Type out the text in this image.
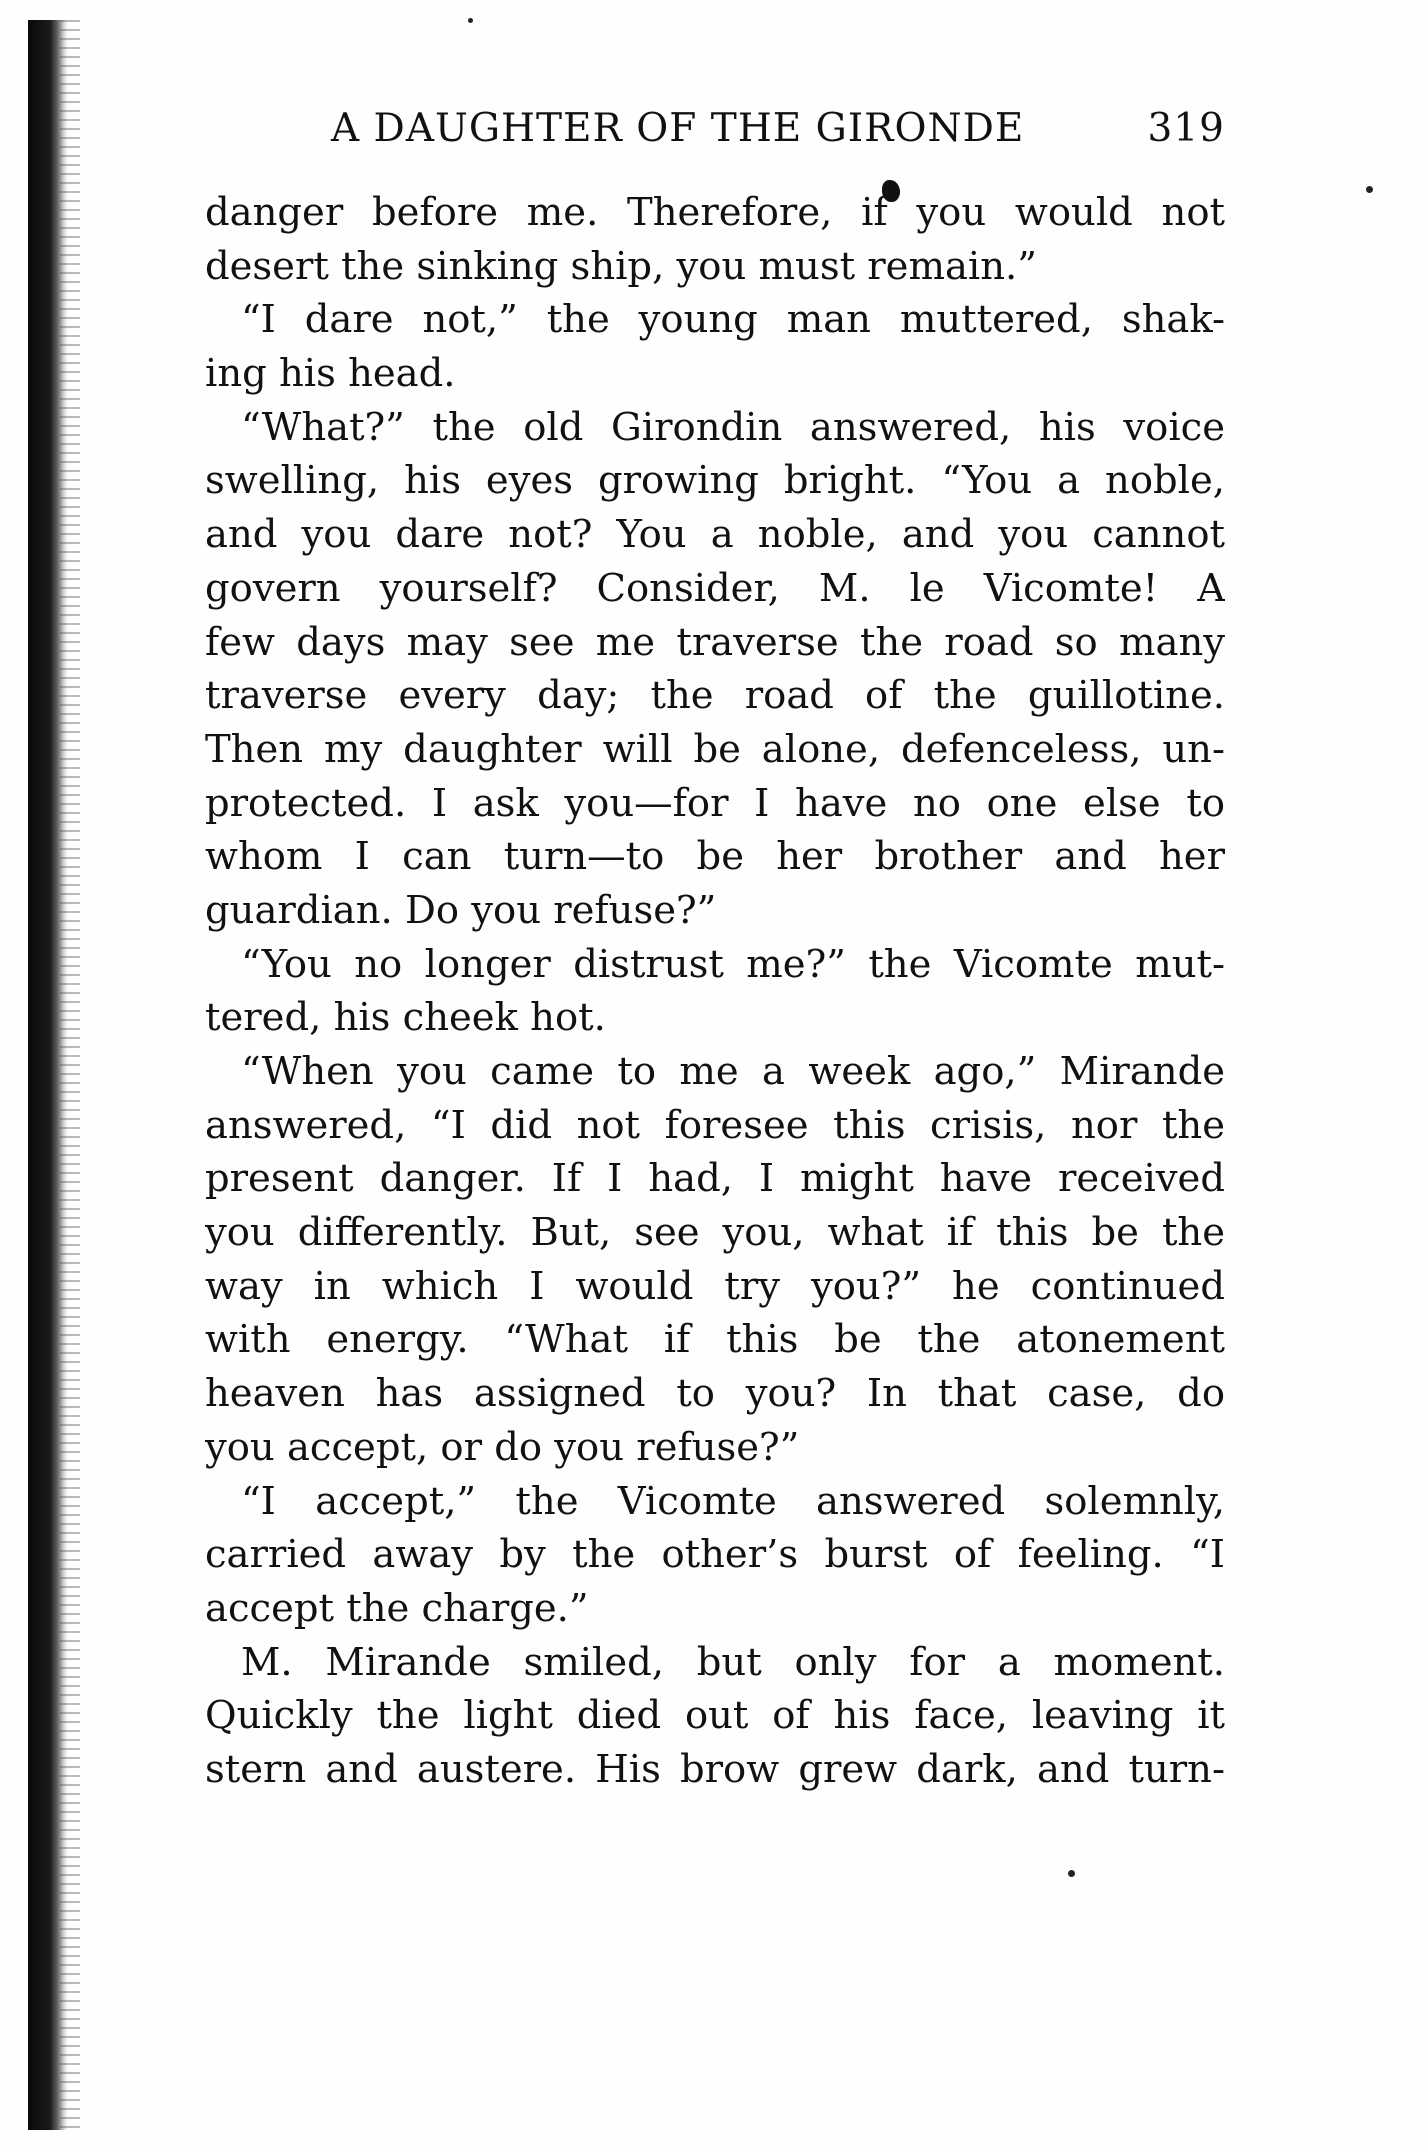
A DAUGHTER OF THE GIRONDE	319
danger before me. Therefore, if you would not
desert the sinking ship, you must remain.”
“I dare not,” the young man muttered, shak-
ing his head.
“What?” the old Girondin answered, his voice
swelling, his eyes growing bright. “You a noble,
and you dare not? You a noble, and you cannot
govern yourself? Consider, M. le Vicomte! A
few days may see me traverse the road so many
traverse every day; the road of the guillotine.
Then my daughter will be alone, defenceless, un-
protected. I ask you—for I have no one else to
whom I can turn—to be her brother and her
guardian. Do you refuse?”
“You no longer distrust me?” the Vicomte mut-
tered, his cheek hot.
“When you came to me a week ago,” Mirande
answered, “I did not foresee this crisis, nor the
present danger. If I had, I might have received
you differently. But, see you, what if this be the
way in which I would try you?” he continued
with energy. “What if this be the atonement
heaven has assigned to you? In that case, do
you accept, or do you refuse?”
“I accept,” the Vicomte answered solemnly,
carried away by the other’s burst of feeling. “I
accept the charge.”
M. Mirande smiled, but only for a moment.
Quickly the light died out of his face, leaving it
stern and austere. His brow grew dark, and turn-
